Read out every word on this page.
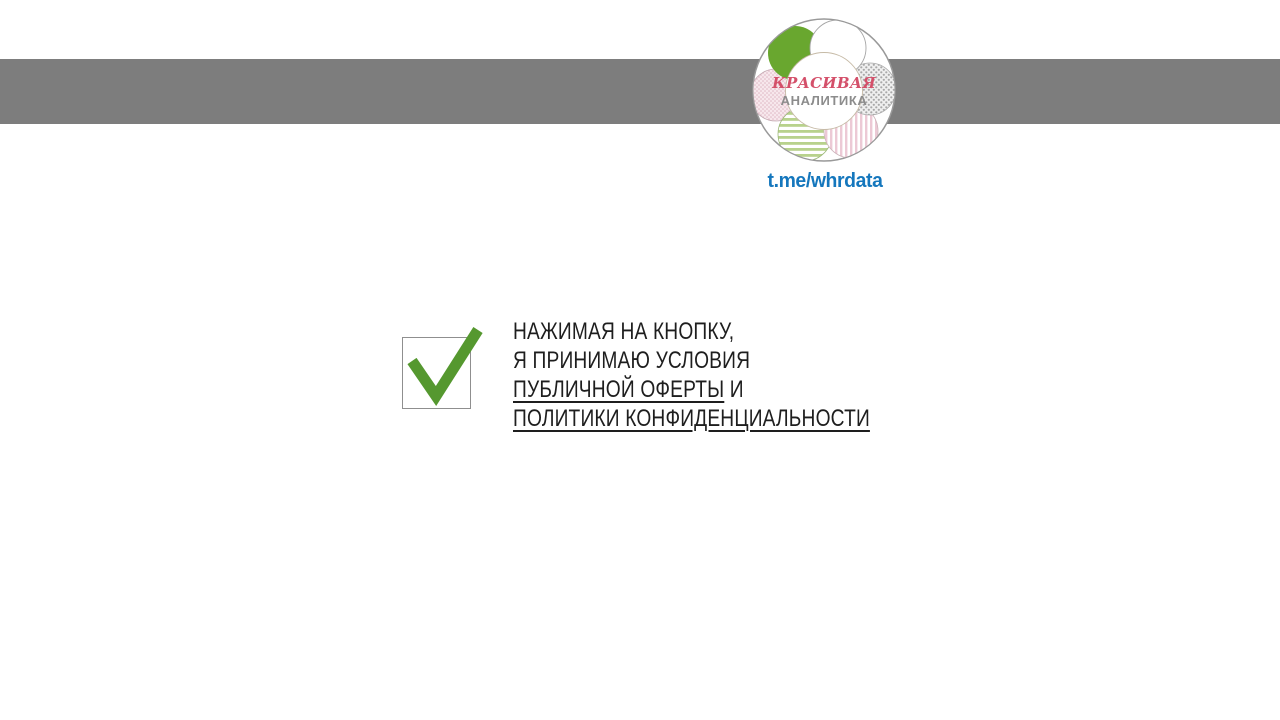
КРАСИВАЯ
АНАЛИТИКА
t.me/whrdata
НАЖИМАЯ НА КНОПКУ,
Я ПРИНИМАЮ УСЛОВИЯ
ПУБЛИЧНОЙ ОФЕРТЫ И
ПОЛИТИКИ КОНФИДЕНЦИАЛЬНОСТИ
